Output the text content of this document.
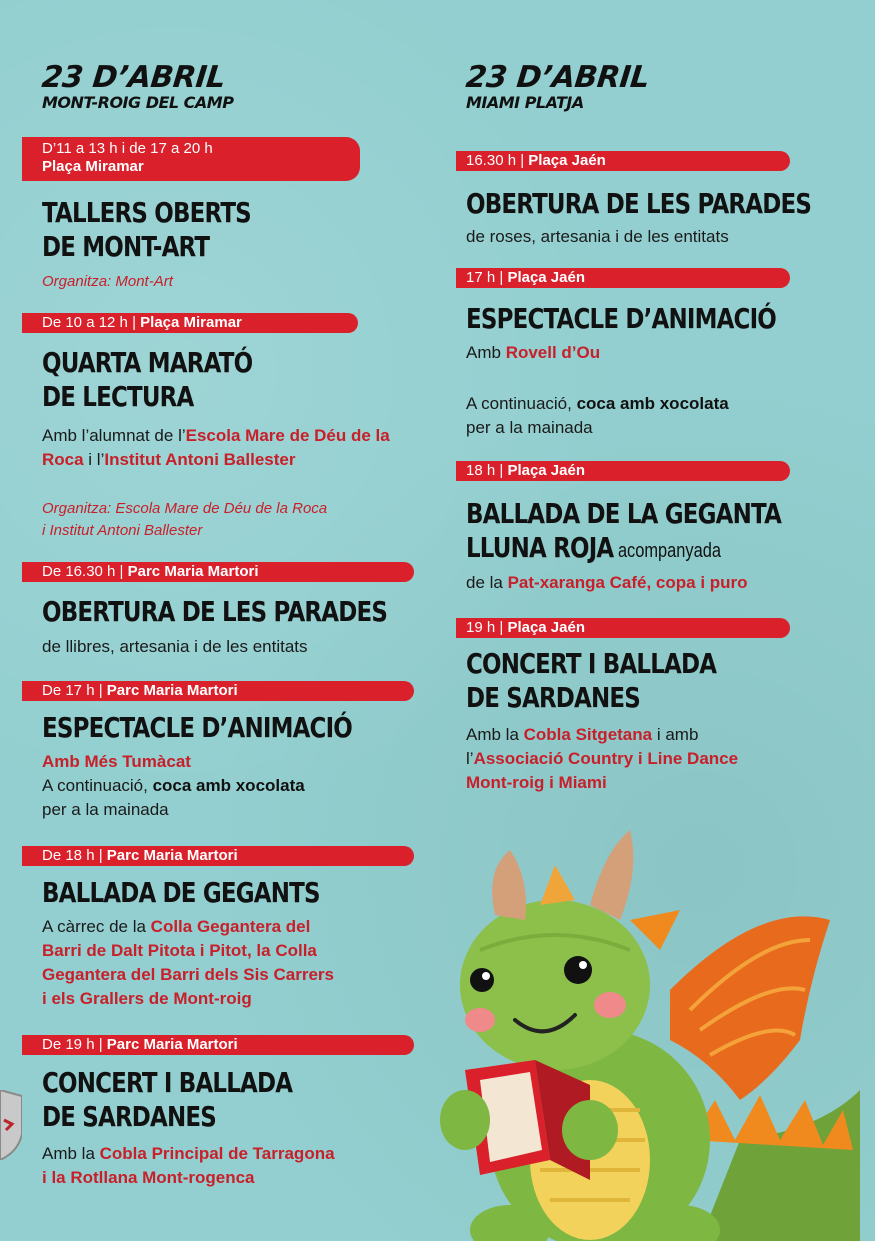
23 D’ABRIL
MONT-ROIG DEL CAMP
23 D’ABRIL
MIAMI PLATJA
D’11 a 13 h i de 17 a 20 h
Plaça Miramar
TALLERS OBERTS
DE MONT-ART
Organitza: Mont-Art
De 10 a 12 h | Plaça Miramar
QUARTA MARATÓ
DE LECTURA
Amb l’alumnat de l’Escola Mare de Déu de la Roca i l’Institut Antoni Ballester
Organitza: Escola Mare de Déu de la Roca
i Institut Antoni Ballester
De 16.30 h | Parc Maria Martori
OBERTURA DE LES PARADES
de llibres, artesania i de les entitats
De 17 h | Parc Maria Martori
ESPECTACLE D’ANIMACIÓ
Amb Més Tumàcat
A continuació, coca amb xocolata
per a la mainada
De 18 h | Parc Maria Martori
BALLADA DE GEGANTS
A càrrec de la Colla Gegantera del
Barri de Dalt Pitota i Pitot, la Colla
Gegantera del Barri dels Sis Carrers
i els Grallers de Mont-roig
De 19 h | Parc Maria Martori
CONCERT I BALLADA
DE SARDANES
Amb la Cobla Principal de Tarragona
i la Rotllana Mont-rogenca
16.30 h | Plaça Jaén
OBERTURA DE LES PARADES
de roses, artesania i de les entitats
17 h | Plaça Jaén
ESPECTACLE D’ANIMACIÓ
Amb Rovell d’Ou
A continuació, coca amb xocolata
per a la mainada
18 h | Plaça Jaén
BALLADA DE LA GEGANTA
LLUNA ROJA acompanyada
de la Pat-xaranga Café, copa i puro
19 h | Plaça Jaén
CONCERT I BALLADA
DE SARDANES
Amb la Cobla Sitgetana i amb
l’Associació Country i Line Dance
Mont-roig i Miami
